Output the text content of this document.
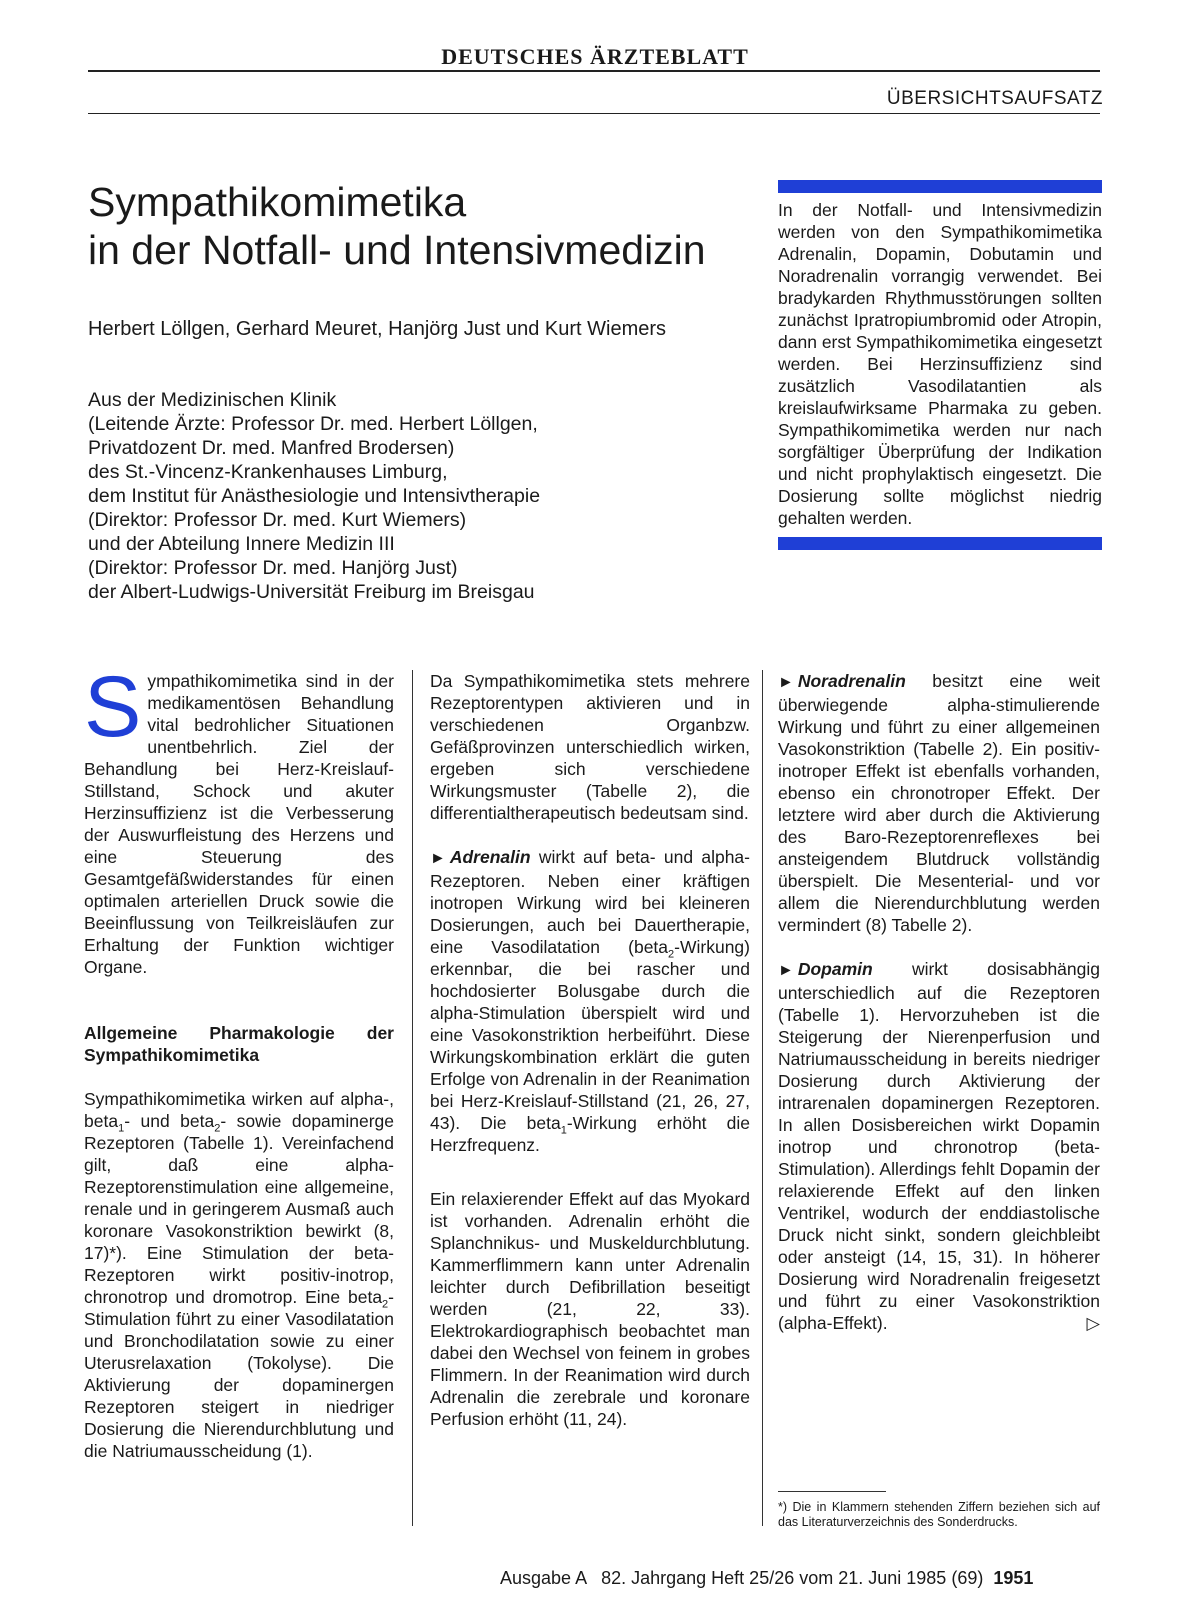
DEUTSCHES ÄRZTEBLATT
ÜBERSICHTSAUFSATZ
Sympathikomimetika
in der Notfall- und Intensivmedizin
Herbert Löllgen, Gerhard Meuret, Hanjörg Just und Kurt Wiemers
Aus der Medizinischen Klinik
(Leitende Ärzte: Professor Dr. med. Herbert Löllgen,
Privatdozent Dr. med. Manfred Brodersen)
des St.-Vincenz-Krankenhauses Limburg,
dem Institut für Anästhesiologie und Intensivtherapie
(Direktor: Professor Dr. med. Kurt Wiemers)
und der Abteilung Innere Medizin III
(Direktor: Professor Dr. med. Hanjörg Just)
der Albert-Ludwigs-Universität Freiburg im Breisgau
In der Notfall- und Intensivmedizin werden von den Sympathikomimetika Adrenalin, Dopamin, Dobutamin und Noradrenalin vorrangig verwendet. Bei bradykarden Rhythmusstörungen sollten zunächst Ipratropiumbromid oder Atropin, dann erst Sympathikomimetika eingesetzt werden. Bei Herzinsuffizienz sind zusätzlich Vasodilatantien als kreislaufwirksame Pharmaka zu geben. Sympathikomimetika werden nur nach sorgfältiger Überprüfung der Indikation und nicht prophylaktisch eingesetzt. Die Dosierung sollte möglichst niedrig gehalten werden.

Sympathikomimetika sind in der medikamentösen Behandlung vital bedrohlicher Situationen unentbehrlich. Ziel der Behandlung bei Herz-Kreislauf-Stillstand, Schock und akuter Herzinsuffizienz ist die Verbesserung der Auswurfleistung des Herzens und eine Steuerung des Gesamtgefäßwiderstandes für einen optimalen arteriellen Druck sowie die Beeinflussung von Teilkreisläufen zur Erhaltung der Funktion wichtiger Organe.

Allgemeine Pharmakologie der Sympathikomimetika

Sympathikomimetika wirken auf alpha-, beta$_1$- und beta$_2$- sowie dopaminerge Rezeptoren (Tabelle 1). Vereinfachend gilt, daß eine alpha-Rezeptorenstimulation eine allgemeine, renale und in geringerem Ausmaß auch koronare Vasokonstriktion bewirkt (8, 17)*). Eine Stimulation der beta-Rezeptoren wirkt positiv-inotrop, chronotrop und dromotrop. Eine beta$_2$-Stimulation führt zu einer Vasodilatation und Bronchodilatation sowie zu einer Uterusrelaxation (Tokolyse). Die Aktivierung der dopaminergen Rezeptoren steigert in niedriger Dosierung die Nierendurchblutung und die Natriumausscheidung (1).

Da Sympathikomimetika stets mehrere Rezeptorentypen aktivieren und in verschiedenen Organbzw. Gefäßprovinzen unterschiedlich wirken, ergeben sich verschiedene Wirkungsmuster (Tabelle 2), die differentialtherapeutisch bedeutsam sind.

► Adrenalin wirkt auf beta- und alpha-Rezeptoren. Neben einer kräftigen inotropen Wirkung wird bei kleineren Dosierungen, auch bei Dauertherapie, eine Vasodilatation (beta$_2$-Wirkung) erkennbar, die bei rascher und hochdosierter Bolusgabe durch die alpha-Stimulation überspielt wird und eine Vasokonstriktion herbeiführt. Diese Wirkungskombination erklärt die guten Erfolge von Adrenalin in der Reanimation bei Herz-Kreislauf-Stillstand (21, 26, 27, 43). Die beta$_1$-Wirkung erhöht die Herzfrequenz.

Ein relaxierender Effekt auf das Myokard ist vorhanden. Adrenalin erhöht die Splanchnikus- und Muskeldurchblutung. Kammerflimmern kann unter Adrenalin leichter durch Defibrillation beseitigt werden (21, 22, 33). Elektrokardiographisch beobachtet man dabei den Wechsel von feinem in grobes Flimmern. In der Reanimation wird durch Adrenalin die zerebrale und koronare Perfusion erhöht (11, 24).

► Noradrenalin besitzt eine weit überwiegende alpha-stimulierende Wirkung und führt zu einer allgemeinen Vasokonstriktion (Tabelle 2). Ein positiv-inotroper Effekt ist ebenfalls vorhanden, ebenso ein chronotroper Effekt. Der letztere wird aber durch die Aktivierung des Baro-Rezeptorenreflexes bei ansteigendem Blutdruck vollständig überspielt. Die Mesenterial- und vor allem die Nierendurchblutung werden vermindert (8) Tabelle 2).

► Dopamin wirkt dosisabhängig unterschiedlich auf die Rezeptoren (Tabelle 1). Hervorzuheben ist die Steigerung der Nierenperfusion und Natriumausscheidung in bereits niedriger Dosierung durch Aktivierung der intrarenalen dopaminergen Rezeptoren. In allen Dosisbereichen wirkt Dopamin inotrop und chronotrop (beta-Stimulation). Allerdings fehlt Dopamin der relaxierende Effekt auf den linken Ventrikel, wodurch der enddiastolische Druck nicht sinkt, sondern gleichbleibt oder ansteigt (14, 15, 31). In höherer Dosierung wird Noradrenalin freigesetzt und führt zu einer Vasokonstriktion (alpha-Effekt).	▷

*) Die in Klammern stehenden Ziffern beziehen sich auf das Literaturverzeichnis des Sonderdrucks.
Ausgabe A   82. Jahrgang Heft 25/26 vom 21. Juni 1985 (69) 1951
